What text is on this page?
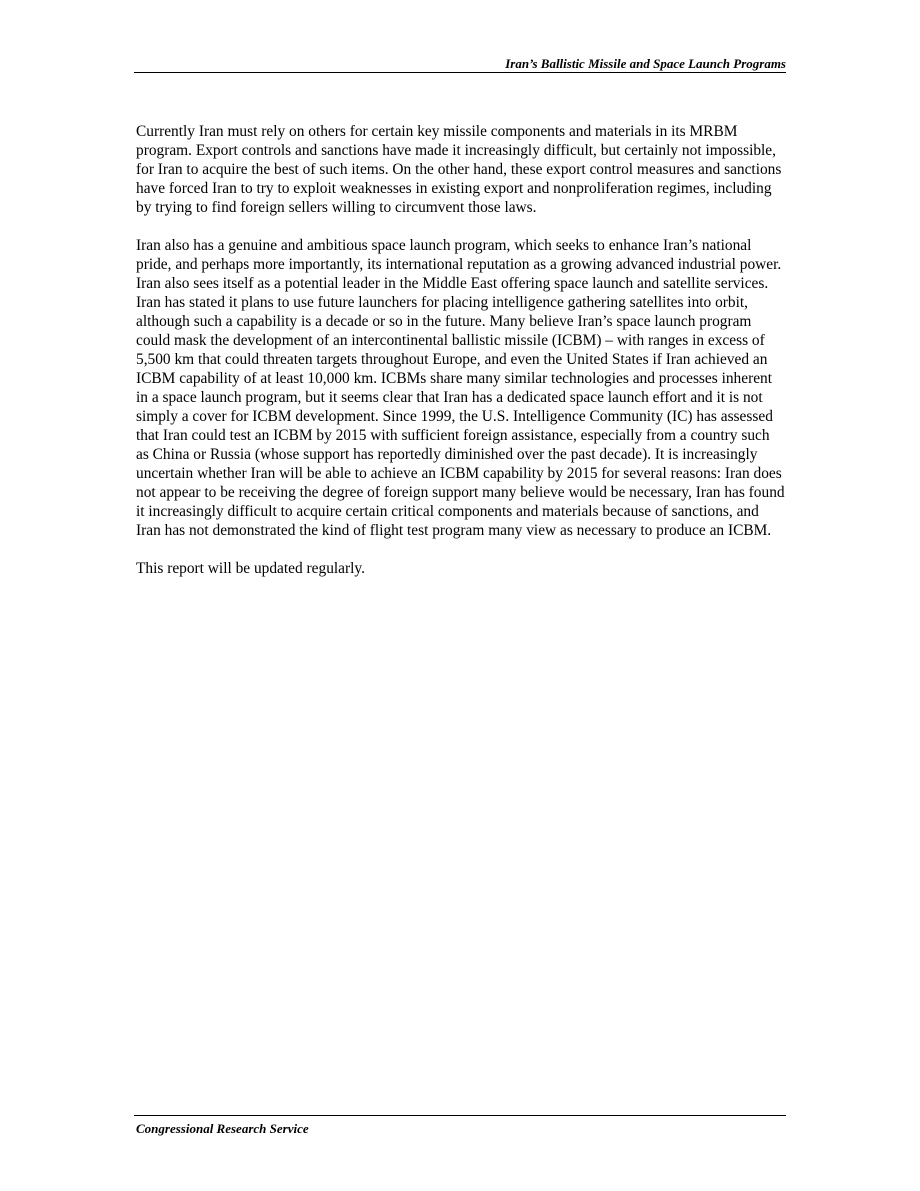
Iran’s Ballistic Missile and Space Launch Programs

Currently Iran must rely on others for certain key missile components and materials in its MRBM program. Export controls and sanctions have made it increasingly difficult, but certainly not impossible, for Iran to acquire the best of such items. On the other hand, these export control measures and sanctions have forced Iran to try to exploit weaknesses in existing export and nonproliferation regimes, including by trying to find foreign sellers willing to circumvent those laws.

Iran also has a genuine and ambitious space launch program, which seeks to enhance Iran’s national pride, and perhaps more importantly, its international reputation as a growing advanced industrial power. Iran also sees itself as a potential leader in the Middle East offering space launch and satellite services. Iran has stated it plans to use future launchers for placing intelligence gathering satellites into orbit, although such a capability is a decade or so in the future. Many believe Iran’s space launch program could mask the development of an intercontinental ballistic missile (ICBM) – with ranges in excess of 5,500 km that could threaten targets throughout Europe, and even the United States if Iran achieved an ICBM capability of at least 10,000 km. ICBMs share many similar technologies and processes inherent in a space launch program, but it seems clear that Iran has a dedicated space launch effort and it is not simply a cover for ICBM development. Since 1999, the U.S. Intelligence Community (IC) has assessed that Iran could test an ICBM by 2015 with sufficient foreign assistance, especially from a country such as China or Russia (whose support has reportedly diminished over the past decade). It is increasingly uncertain whether Iran will be able to achieve an ICBM capability by 2015 for several reasons: Iran does not appear to be receiving the degree of foreign support many believe would be necessary, Iran has found it increasingly difficult to acquire certain critical components and materials because of sanctions, and Iran has not demonstrated the kind of flight test program many view as necessary to produce an ICBM.

This report will be updated regularly.

Congressional Research Service
